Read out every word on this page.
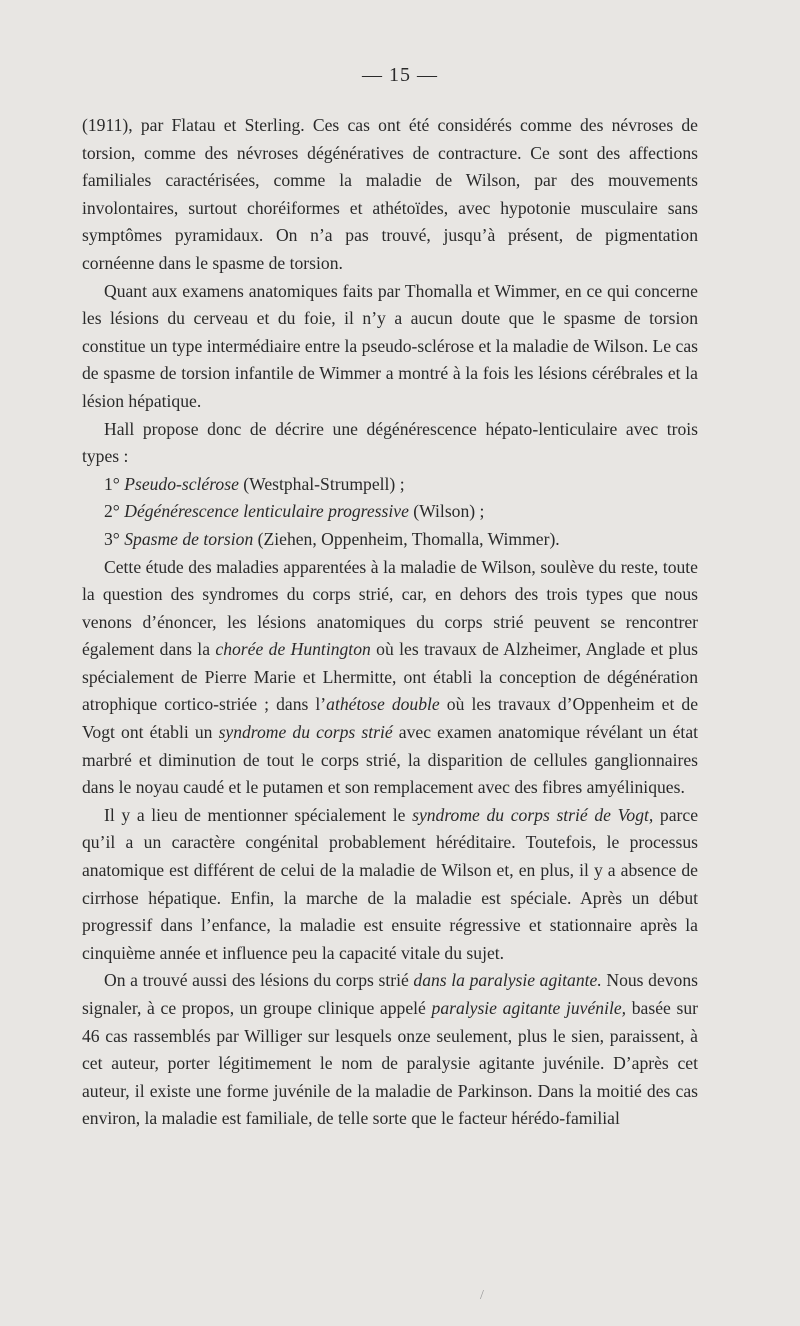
— 15 —

(1911), par Flatau et Sterling. Ces cas ont été considérés comme des névroses de torsion, comme des névroses dégénératives de contracture. Ce sont des affections familiales caractérisées, comme la maladie de Wilson, par des mouvements involontaires, surtout choréiformes et athétoïdes, avec hypotonie musculaire sans symptômes pyramidaux. On n’a pas trouvé, jusqu’à présent, de pigmentation cornéenne dans le spasme de torsion.

Quant aux examens anatomiques faits par Thomalla et Wimmer, en ce qui concerne les lésions du cerveau et du foie, il n’y a aucun doute que le spasme de torsion constitue un type intermédiaire entre la pseudo-sclérose et la maladie de Wilson. Le cas de spasme de torsion infantile de Wimmer a montré à la fois les lésions cérébrales et la lésion hépatique.

Hall propose donc de décrire une dégénérescence hépato-lenticulaire avec trois types :

1° Pseudo-sclérose (Westphal-Strumpell) ;

2° Dégénérescence lenticulaire progressive (Wilson) ;

3° Spasme de torsion (Ziehen, Oppenheim, Thomalla, Wimmer).

Cette étude des maladies apparentées à la maladie de Wilson, soulève du reste, toute la question des syndromes du corps strié, car, en dehors des trois types que nous venons d’énoncer, les lésions anatomiques du corps strié peuvent se rencontrer également dans la chorée de Huntington où les travaux de Alzheimer, Anglade et plus spécialement de Pierre Marie et Lhermitte, ont établi la conception de dégénération atrophique cortico-striée ; dans l’athétose double où les travaux d’Oppenheim et de Vogt ont établi un syndrome du corps strié avec examen anatomique révélant un état marbré et diminution de tout le corps strié, la disparition de cellules ganglionnaires dans le noyau caudé et le putamen et son remplacement avec des fibres amyéliniques.

Il y a lieu de mentionner spécialement le syndrome du corps strié de Vogt, parce qu’il a un caractère congénital probablement héréditaire. Toutefois, le processus anatomique est différent de celui de la maladie de Wilson et, en plus, il y a absence de cirrhose hépatique. Enfin, la marche de la maladie est spéciale. Après un début progressif dans l’enfance, la maladie est ensuite régressive et stationnaire après la cinquième année et influence peu la capacité vitale du sujet.

On a trouvé aussi des lésions du corps strié dans la paralysie agitante. Nous devons signaler, à ce propos, un groupe clinique appelé paralysie agitante juvénile, basée sur 46 cas rassemblés par Williger sur lesquels onze seulement, plus le sien, paraissent, à cet auteur, porter légitimement le nom de paralysie agitante juvénile. D’après cet auteur, il existe une forme juvénile de la maladie de Parkinson. Dans la moitié des cas environ, la maladie est familiale, de telle sorte que le facteur hérédo-familial

/
